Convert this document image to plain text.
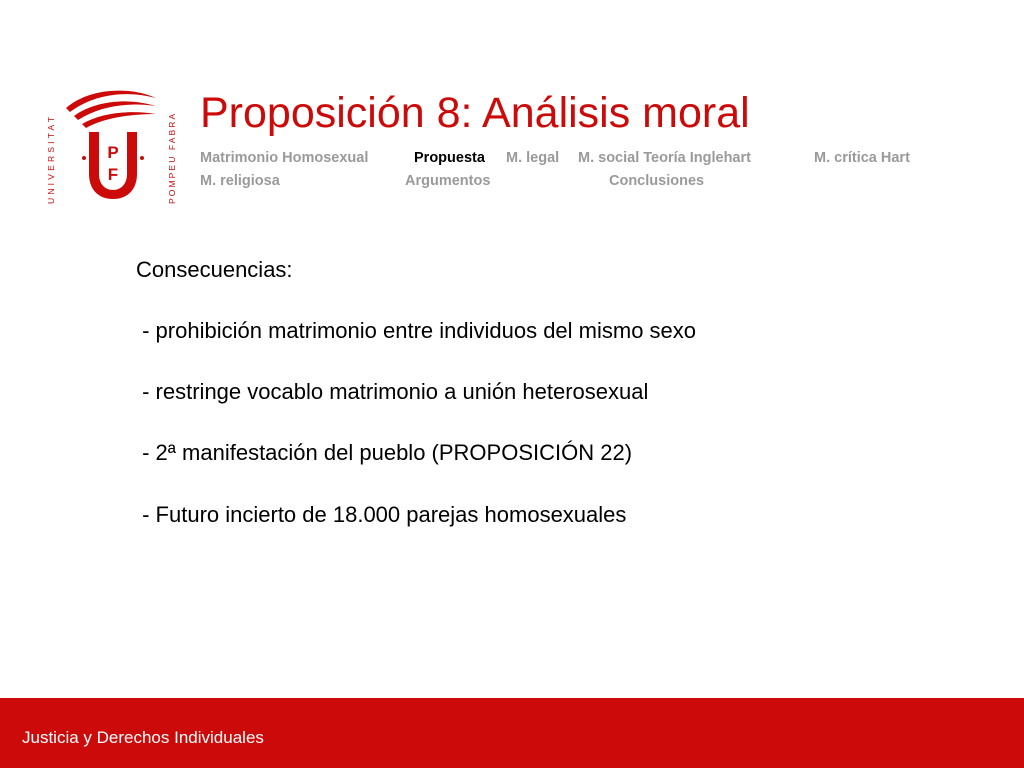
P
F
UNIVERSITAT	POMPEU FABRA Proposición 8: Análisis moral
Matrimonio Homosexual	Propuesta M. legal M. social Teoría Inglehart	M. crítica Hart
M. religiosa	Argumentos	Conclusiones
Consecuencias:
- prohibición matrimonio entre individuos del mismo sexo
- restringe vocablo matrimonio a unión heterosexual
- 2ª manifestación del pueblo (PROPOSICIÓN 22)
- Futuro incierto de 18.000 parejas homosexuales
Justicia y Derechos Individuales
